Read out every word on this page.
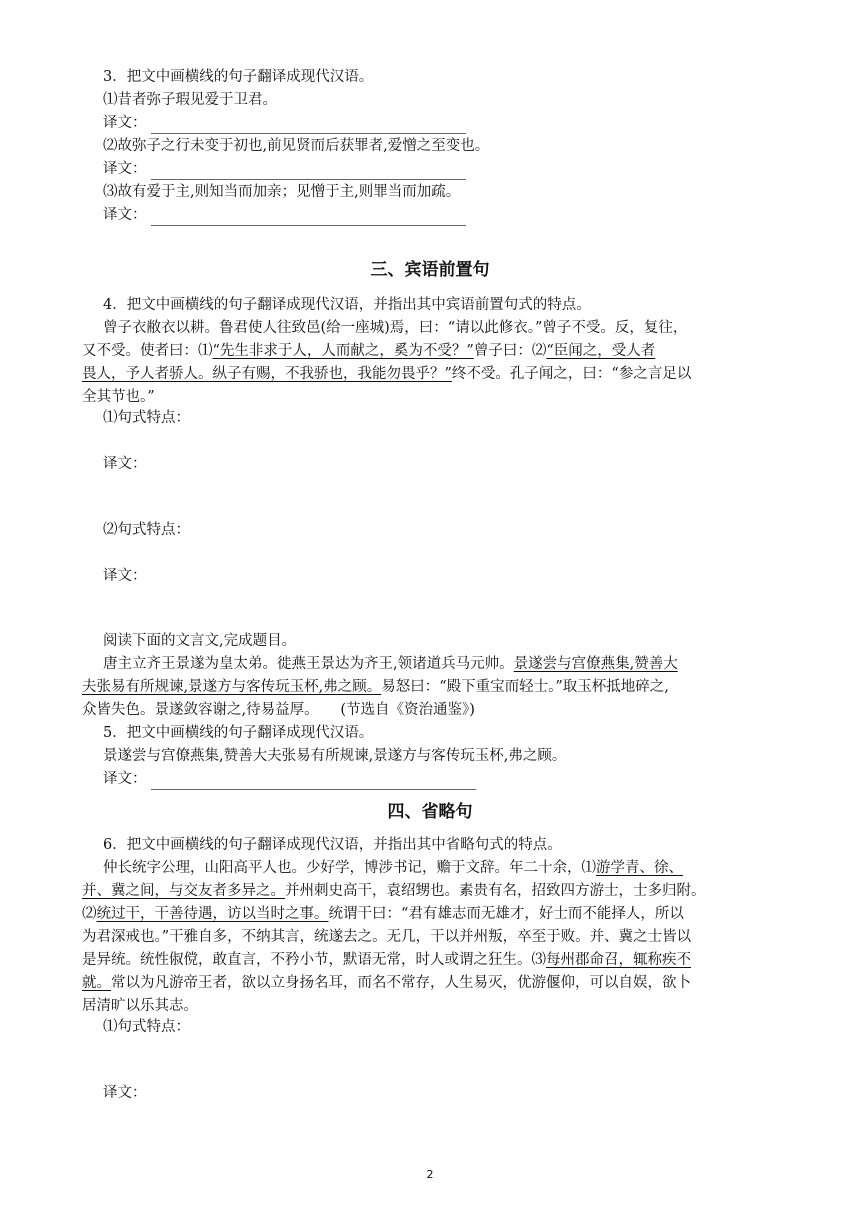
3．把文中画横线的句子翻译成现代汉语。
⑴昔者弥子瑕见爱于卫君。
译文：
⑵故弥子之行未变于初也,前见贤而后获罪者,爱憎之至变也。
译文：
⑶故有爱于主,则知当而加亲；见憎于主,则罪当而加疏。
译文：
三、宾语前置句
4．把文中画横线的句子翻译成现代汉语，并指出其中宾语前置句式的特点。
曾子衣敝衣以耕。鲁君使人往致邑(给一座城)焉，曰：“请以此修衣。”曾子不受。反，复往，
又不受。使者曰：⑴“先生非求于人，人而献之，奚为不受？”曾子曰：⑵“臣闻之，受人者
畏人，予人者骄人。纵子有赐，不我骄也，我能勿畏乎？”终不受。孔子闻之，曰：“参之言足以
全其节也。”
⑴句式特点：
译文：
⑵句式特点：
译文：
阅读下面的文言文,完成题目。
唐主立齐王景遂为皇太弟。徙燕王景达为齐王,领诸道兵马元帅。景遂尝与宫僚燕集,赞善大
夫张易有所规谏,景遂方与客传玩玉杯,弗之顾。易怒曰：“殿下重宝而轻士。”取玉杯抵地碎之,
众皆失色。景遂敛容谢之,待易益厚。　　(节选自《资治通鉴》)
5．把文中画横线的句子翻译成现代汉语。
景遂尝与宫僚燕集,赞善大夫张易有所规谏,景遂方与客传玩玉杯,弗之顾。
译文：
四、省略句
6．把文中画横线的句子翻译成现代汉语，并指出其中省略句式的特点。
仲长统字公理，山阳高平人也。少好学，博涉书记，赡于文辞。年二十余，⑴游学青、徐、
并、冀之间，与交友者多异之。并州刺史高干，袁绍甥也。素贵有名，招致四方游士，士多归附。
⑵统过干，干善待遇，访以当时之事。统谓干曰：“君有雄志而无雄才，好士而不能择人，所以
为君深戒也。”干雅自多，不纳其言，统遂去之。无几，干以并州叛，卒至于败。并、冀之士皆以
是异统。统性俶傥，敢直言，不矜小节，默语无常，时人或谓之狂生。⑶每州郡命召，辄称疾不
就。常以为凡游帝王者，欲以立身扬名耳，而名不常存，人生易灭，优游偃仰，可以自娱，欲卜
居清旷以乐其志。
⑴句式特点：
译文：
2
